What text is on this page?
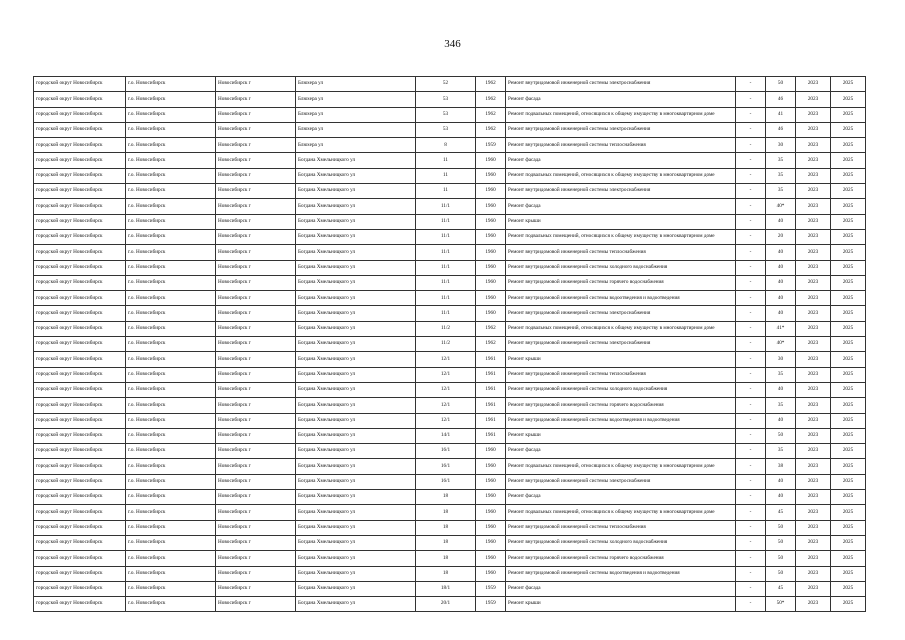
346
городской округ Новосибирск	г.о. Новосибирск	Новосибирск г	Блюхера ул	52	1962	Ремонт внутридомовой инженерной системы электроснабжения	-	50	2023	2025
городской округ Новосибирск	г.о. Новосибирск	Новосибирск г	Блюхера ул	53	1962	Ремонт фасада	-	46	2023	2025
городской округ Новосибирск	г.о. Новосибирск	Новосибирск г	Блюхера ул	53	1962	Ремонт подвальных помещений, относящихся к общему имуществу в многоквартирном доме	-	41	2023	2025
городской округ Новосибирск	г.о. Новосибирск	Новосибирск г	Блюхера ул	53	1962	Ремонт внутридомовой инженерной системы электроснабжения	-	46	2023	2025
городской округ Новосибирск	г.о. Новосибирск	Новосибирск г	Блюхера ул	8	1959	Ремонт внутридомовой инженерной системы теплоснабжения	-	30	2023	2025
городской округ Новосибирск	г.о. Новосибирск	Новосибирск г	Богдана Хмельницкого ул	11	1960	Ремонт фасада	-	35	2023	2025
городской округ Новосибирск	г.о. Новосибирск	Новосибирск г	Богдана Хмельницкого ул	11	1960	Ремонт подвальных помещений, относящихся к общему имуществу в многоквартирном доме	-	35	2023	2025
городской округ Новосибирск	г.о. Новосибирск	Новосибирск г	Богдана Хмельницкого ул	11	1960	Ремонт внутридомовой инженерной системы электроснабжения	-	35	2023	2025
городской округ Новосибирск	г.о. Новосибирск	Новосибирск г	Богдана Хмельницкого ул	11/1	1960	Ремонт фасада	-	40*	2023	2025
городской округ Новосибирск	г.о. Новосибирск	Новосибирск г	Богдана Хмельницкого ул	11/1	1960	Ремонт крыши	-	40	2023	2025
городской округ Новосибирск	г.о. Новосибирск	Новосибирск г	Богдана Хмельницкого ул	11/1	1960	Ремонт подвальных помещений, относящихся к общему имуществу в многоквартирном доме	-	20	2023	2025
городской округ Новосибирск	г.о. Новосибирск	Новосибирск г	Богдана Хмельницкого ул	11/1	1960	Ремонт внутридомовой инженерной системы теплоснабжения	-	40	2023	2025
городской округ Новосибирск	г.о. Новосибирск	Новосибирск г	Богдана Хмельницкого ул	11/1	1960	Ремонт внутридомовой инженерной системы холодного водоснабжения	-	40	2023	2025
городской округ Новосибирск	г.о. Новосибирск	Новосибирск г	Богдана Хмельницкого ул	11/1	1960	Ремонт внутридомовой инженерной системы горячего водоснабжения	-	40	2023	2025
городской округ Новосибирск	г.о. Новосибирск	Новосибирск г	Богдана Хмельницкого ул	11/1	1960	Ремонт внутридомовой инженерной системы водоотведения и водоотведения	-	40	2023	2025
городской округ Новосибирск	г.о. Новосибирск	Новосибирск г	Богдана Хмельницкого ул	11/1	1960	Ремонт внутридомовой инженерной системы электроснабжения	-	40	2023	2025
городской округ Новосибирск	г.о. Новосибирск	Новосибирск г	Богдана Хмельницкого ул	11/2	1962	Ремонт подвальных помещений, относящихся к общему имуществу в многоквартирном доме	-	41*	2023	2025
городской округ Новосибирск	г.о. Новосибирск	Новосибирск г	Богдана Хмельницкого ул	11/2	1962	Ремонт внутридомовой инженерной системы электроснабжения	-	40*	2023	2025
городской округ Новосибирск	г.о. Новосибирск	Новосибирск г	Богдана Хмельницкого ул	12/1	1961	Ремонт крыши	-	30	2023	2025
городской округ Новосибирск	г.о. Новосибирск	Новосибирск г	Богдана Хмельницкого ул	12/1	1961	Ремонт внутридомовой инженерной системы теплоснабжения	-	35	2023	2025
городской округ Новосибирск	г.о. Новосибирск	Новосибирск г	Богдана Хмельницкого ул	12/1	1961	Ремонт внутридомовой инженерной системы холодного водоснабжения	-	40	2023	2025
городской округ Новосибирск	г.о. Новосибирск	Новосибирск г	Богдана Хмельницкого ул	12/1	1961	Ремонт внутридомовой инженерной системы горячего водоснабжения	-	35	2023	2025
городской округ Новосибирск	г.о. Новосибирск	Новосибирск г	Богдана Хмельницкого ул	12/1	1961	Ремонт внутридомовой инженерной системы водоотведения и водоотведения	-	40	2023	2025
городской округ Новосибирск	г.о. Новосибирск	Новосибирск г	Богдана Хмельницкого ул	14/1	1961	Ремонт крыши	-	50	2023	2025
городской округ Новосибирск	г.о. Новосибирск	Новосибирск г	Богдана Хмельницкого ул	16/1	1960	Ремонт фасада	-	35	2023	2025
городской округ Новосибирск	г.о. Новосибирск	Новосибирск г	Богдана Хмельницкого ул	16/1	1960	Ремонт подвальных помещений, относящихся к общему имуществу в многоквартирном доме	-	38	2023	2025
городской округ Новосибирск	г.о. Новосибирск	Новосибирск г	Богдана Хмельницкого ул	16/1	1960	Ремонт внутридомовой инженерной системы электроснабжения	-	40	2023	2025
городской округ Новосибирск	г.о. Новосибирск	Новосибирск г	Богдана Хмельницкого ул	18	1960	Ремонт фасада	-	40	2023	2025
городской округ Новосибирск	г.о. Новосибирск	Новосибирск г	Богдана Хмельницкого ул	18	1960	Ремонт подвальных помещений, относящихся к общему имуществу в многоквартирном доме	-	45	2023	2025
городской округ Новосибирск	г.о. Новосибирск	Новосибирск г	Богдана Хмельницкого ул	18	1960	Ремонт внутридомовой инженерной системы теплоснабжения	-	50	2023	2025
городской округ Новосибирск	г.о. Новосибирск	Новосибирск г	Богдана Хмельницкого ул	18	1960	Ремонт внутридомовой инженерной системы холодного водоснабжения	-	50	2023	2025
городской округ Новосибирск	г.о. Новосибирск	Новосибирск г	Богдана Хмельницкого ул	18	1960	Ремонт внутридомовой инженерной системы горячего водоснабжения	-	50	2023	2025
городской округ Новосибирск	г.о. Новосибирск	Новосибирск г	Богдана Хмельницкого ул	18	1960	Ремонт внутридомовой инженерной системы водоотведения и водоотведения	-	50	2023	2025
городской округ Новосибирск	г.о. Новосибирск	Новосибирск г	Богдана Хмельницкого ул	18/1	1959	Ремонт фасада	-	45	2023	2025
городской округ Новосибирск	г.о. Новосибирск	Новосибирск г	Богдана Хмельницкого ул	20/1	1959	Ремонт крыши	-	50*	2023	2025
